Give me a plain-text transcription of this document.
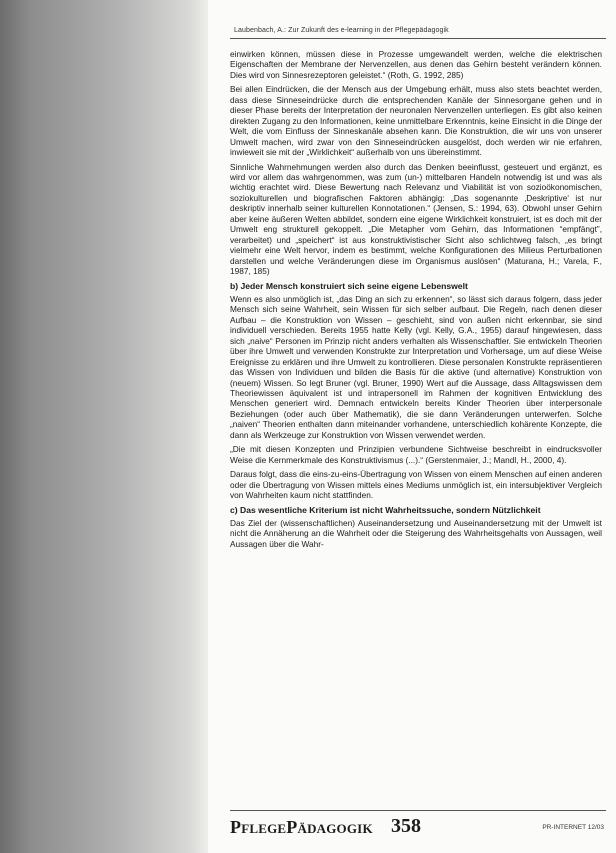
Laubenbach, A.: Zur Zukunft des e-learning in der Pflegepädagogik

einwirken können, müssen diese in Prozesse umgewandelt werden, welche die elektrischen Eigenschaften der Membrane der Nervenzellen, aus denen das Gehirn besteht verändern können. Dies wird von Sinnesrezeptoren geleistet.“ (Roth, G. 1992, 285)

Bei allen Eindrücken, die der Mensch aus der Umgebung erhält, muss also stets beachtet werden, dass diese Sinneseindrücke durch die entsprechenden Kanäle der Sinnesorgane gehen und in dieser Phase bereits der Interpretation der neuronalen Nervenzellen unterliegen. Es gibt also keinen direkten Zugang zu den Informationen, keine unmittelbare Erkenntnis, keine Einsicht in die Dinge der Welt, die vom Einfluss der Sinneskanäle absehen kann. Die Konstruktion, die wir uns von unserer Umwelt machen, wird zwar von den Sinneseindrücken ausgelöst, doch werden wir nie erfahren, inwieweit sie mit der „Wirklichkeit“ außerhalb von uns übereinstimmt.

Sinnliche Wahrnehmungen werden also durch das Denken beeinflusst, gesteuert und ergänzt, es wird vor allem das wahrgenommen, was zum (un-) mittelbaren Handeln notwendig ist und was als wichtig erachtet wird. Diese Bewertung nach Relevanz und Viabilität ist von sozioökonomischen, soziokulturellen und biografischen Faktoren abhängig: „Das sogenannte ‚Deskriptive‘ ist nur deskriptiv innerhalb seiner kulturellen Konnotationen.“ (Jensen, S.: 1994, 63). Obwohl unser Gehirn aber keine äußeren Welten abbildet, sondern eine eigene Wirklichkeit konstruiert, ist es doch mit der Umwelt eng strukturell gekoppelt. „Die Metapher vom Gehirn, das Informationen “empfängt”, verarbeitet) und „speichert“ ist aus konstruktivistischer Sicht also schlichtweg falsch, „es bringt vielmehr eine Welt hervor, indem es bestimmt, welche Konfigurationen des Milieus Perturbationen darstellen und welche Veränderungen diese im Organismus auslösen“ (Maturana, H.; Varela, F., 1987, 185)

b) Jeder Mensch konstruiert sich seine eigene Lebenswelt

Wenn es also unmöglich ist, „das Ding an sich zu erkennen“, so lässt sich daraus folgern, dass jeder Mensch sich seine Wahrheit, sein Wissen für sich selber aufbaut. Die Regeln, nach denen dieser Aufbau – die Konstruktion von Wissen – geschieht, sind von außen nicht erkennbar, sie sind individuell verschieden. Bereits 1955 hatte Kelly (vgl. Kelly, G.A., 1955) darauf hingewiesen, dass sich „naive“ Personen im Prinzip nicht anders verhalten als Wissenschaftler. Sie entwickeln Theorien über ihre Umwelt und verwenden Konstrukte zur Interpretation und Vorhersage, um auf diese Weise Ereignisse zu erklären und ihre Umwelt zu kontrollieren. Diese personalen Konstrukte repräsentieren das Wissen von Individuen und bilden die Basis für die aktive (und alternative) Konstruktion von (neuem) Wissen. So legt Bruner (vgl. Bruner, 1990) Wert auf die Aussage, dass Alltagswissen dem Theoriewissen äquivalent ist und intrapersonell im Rahmen der kognitiven Entwicklung des Menschen generiert wird. Demnach entwickeln bereits Kinder Theorien über interpersonale Beziehungen (oder auch über Mathematik), die sie dann Veränderungen unterwerfen. Solche „naiven“ Theorien enthalten dann miteinander vorhandene, unterschiedlich kohärente Konzepte, die dann als Werkzeuge zur Konstruktion von Wissen verwendet werden.

„Die mit diesen Konzepten und Prinzipien verbundene Sichtweise beschreibt in eindrucksvoller Weise die Kernmerkmale des Konstruktivismus (...).“ (Gerstenmaier, J.; Mandl, H., 2000, 4).

Daraus folgt, dass die eins-zu-eins-Übertragung von Wissen von einem Menschen auf einen anderen oder die Übertragung von Wissen mittels eines Mediums unmöglich ist, ein intersubjektiver Vergleich von Wahrheiten kaum nicht stattfinden.

c) Das wesentliche Kriterium ist nicht Wahrheitssuche, sondern Nützlichkeit

Das Ziel der (wissenschaftlichen) Auseinandersetzung und Auseinandersetzung mit der Umwelt ist nicht die Annäherung an die Wahrheit oder die Steigerung des Wahrheitsgehalts von Aussagen, weil Aussagen über die Wahr-

PFLEGEPÄDAGOGIK 358	PR-INTERNET 12/03
